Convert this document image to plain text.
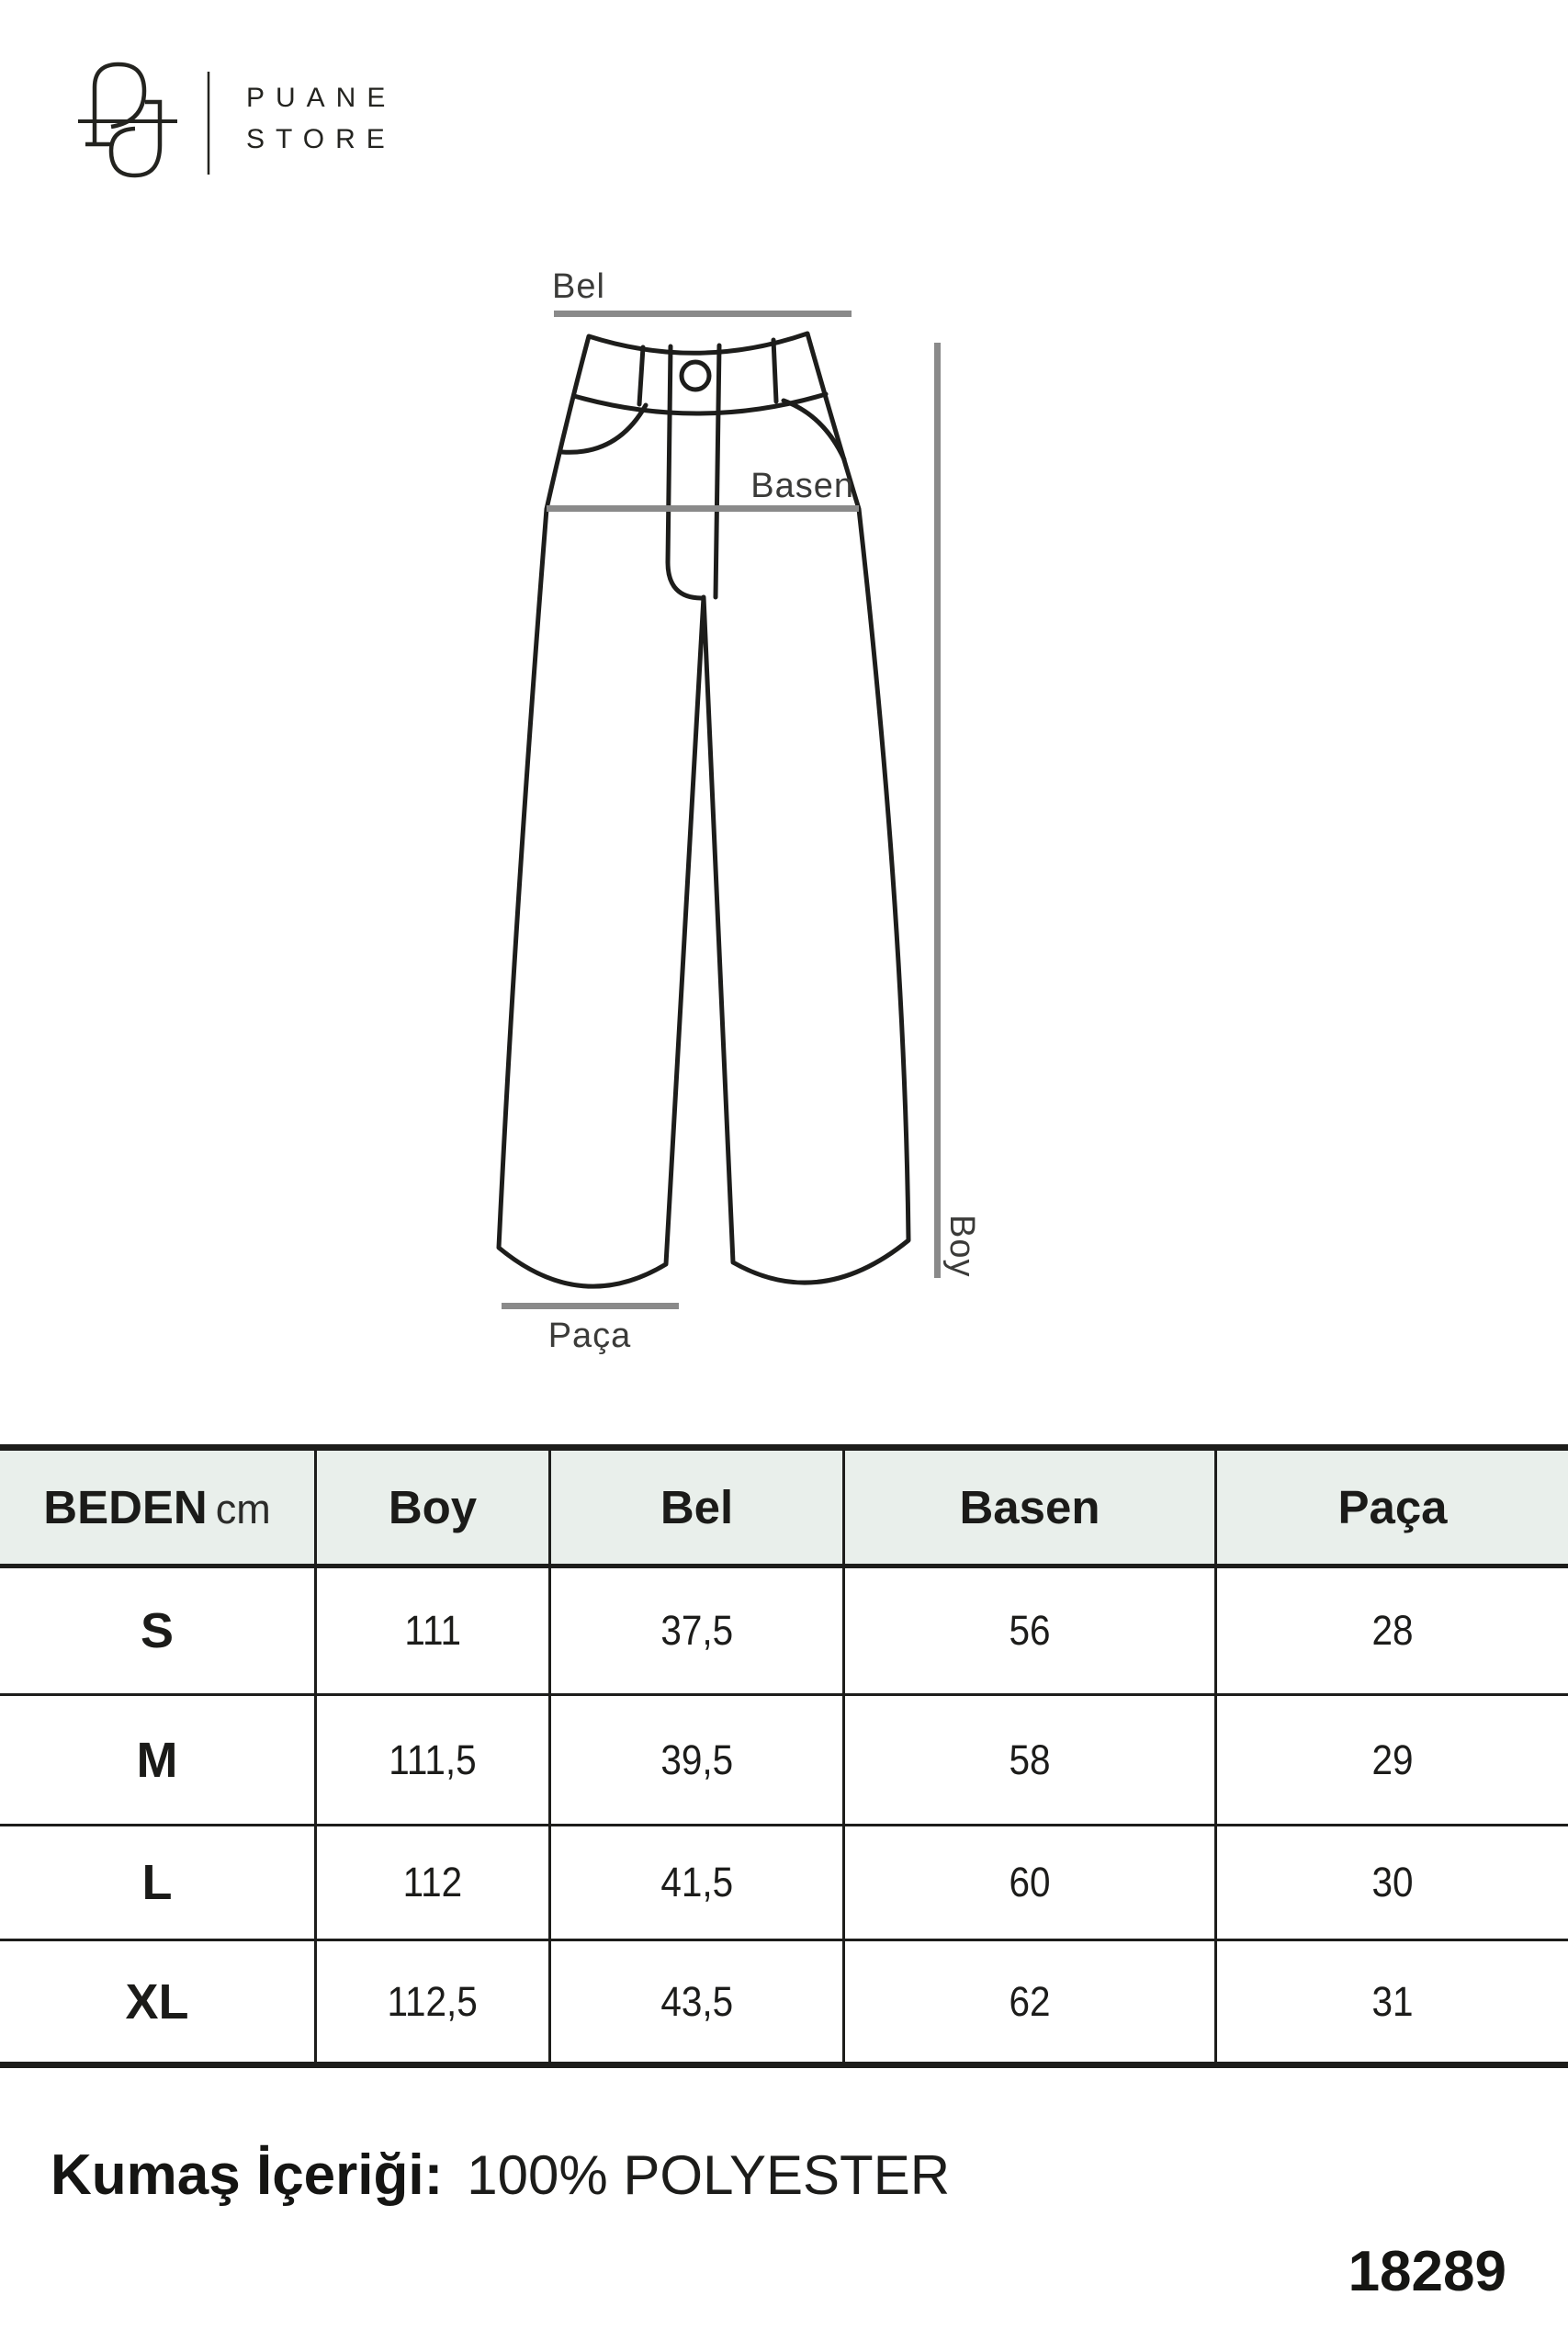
PUANE
STORE
Bel
Basen
Boy
Paça
BEDEN cm	Boy	Bel	Basen	Paça
S	111	37,5	56	28
M	111,5	39,5	58	29
L	112	41,5	60	30
XL	112,5	43,5	62	31
Kumaş İçeriği: 100% POLYESTER
18289
